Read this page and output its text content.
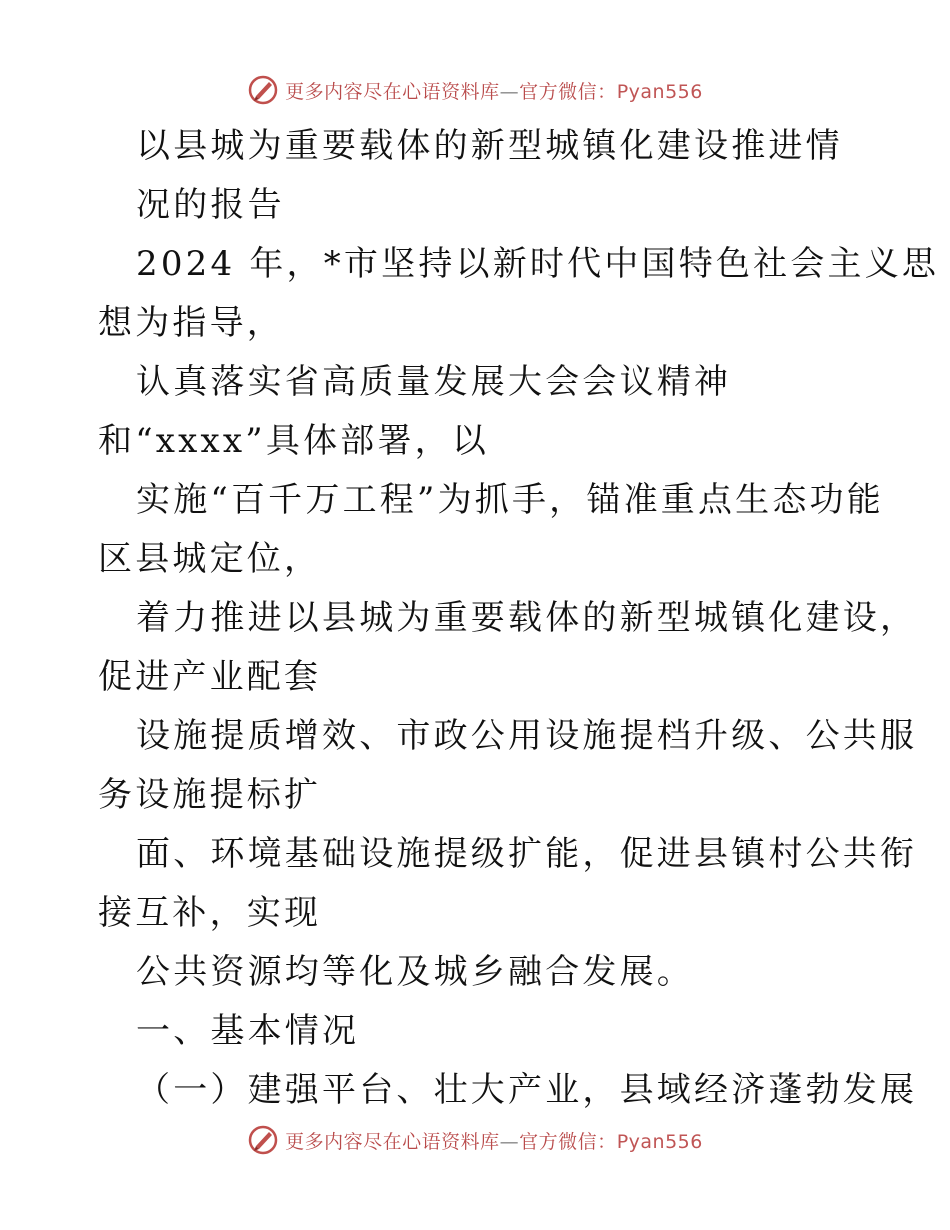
更多内容尽在心语资料库—官方微信：Pyan556

以县城为重要载体的新型城镇化建设推进情

况的报告

2024 年，*市坚持以新时代中国特色社会主义思

想为指导，

认真落实省高质量发展大会会议精神

和“xxxx”具体部署，以

实施“百千万工程”为抓手，锚准重点生态功能

区县城定位，

着力推进以县城为重要载体的新型城镇化建设，

促进产业配套

设施提质增效、市政公用设施提档升级、公共服

务设施提标扩

面、环境基础设施提级扩能，促进县镇村公共衔

接互补，实现

公共资源均等化及城乡融合发展。

一、基本情况

（一）建强平台、壮大产业，县域经济蓬勃发展

更多内容尽在心语资料库—官方微信：Pyan556
